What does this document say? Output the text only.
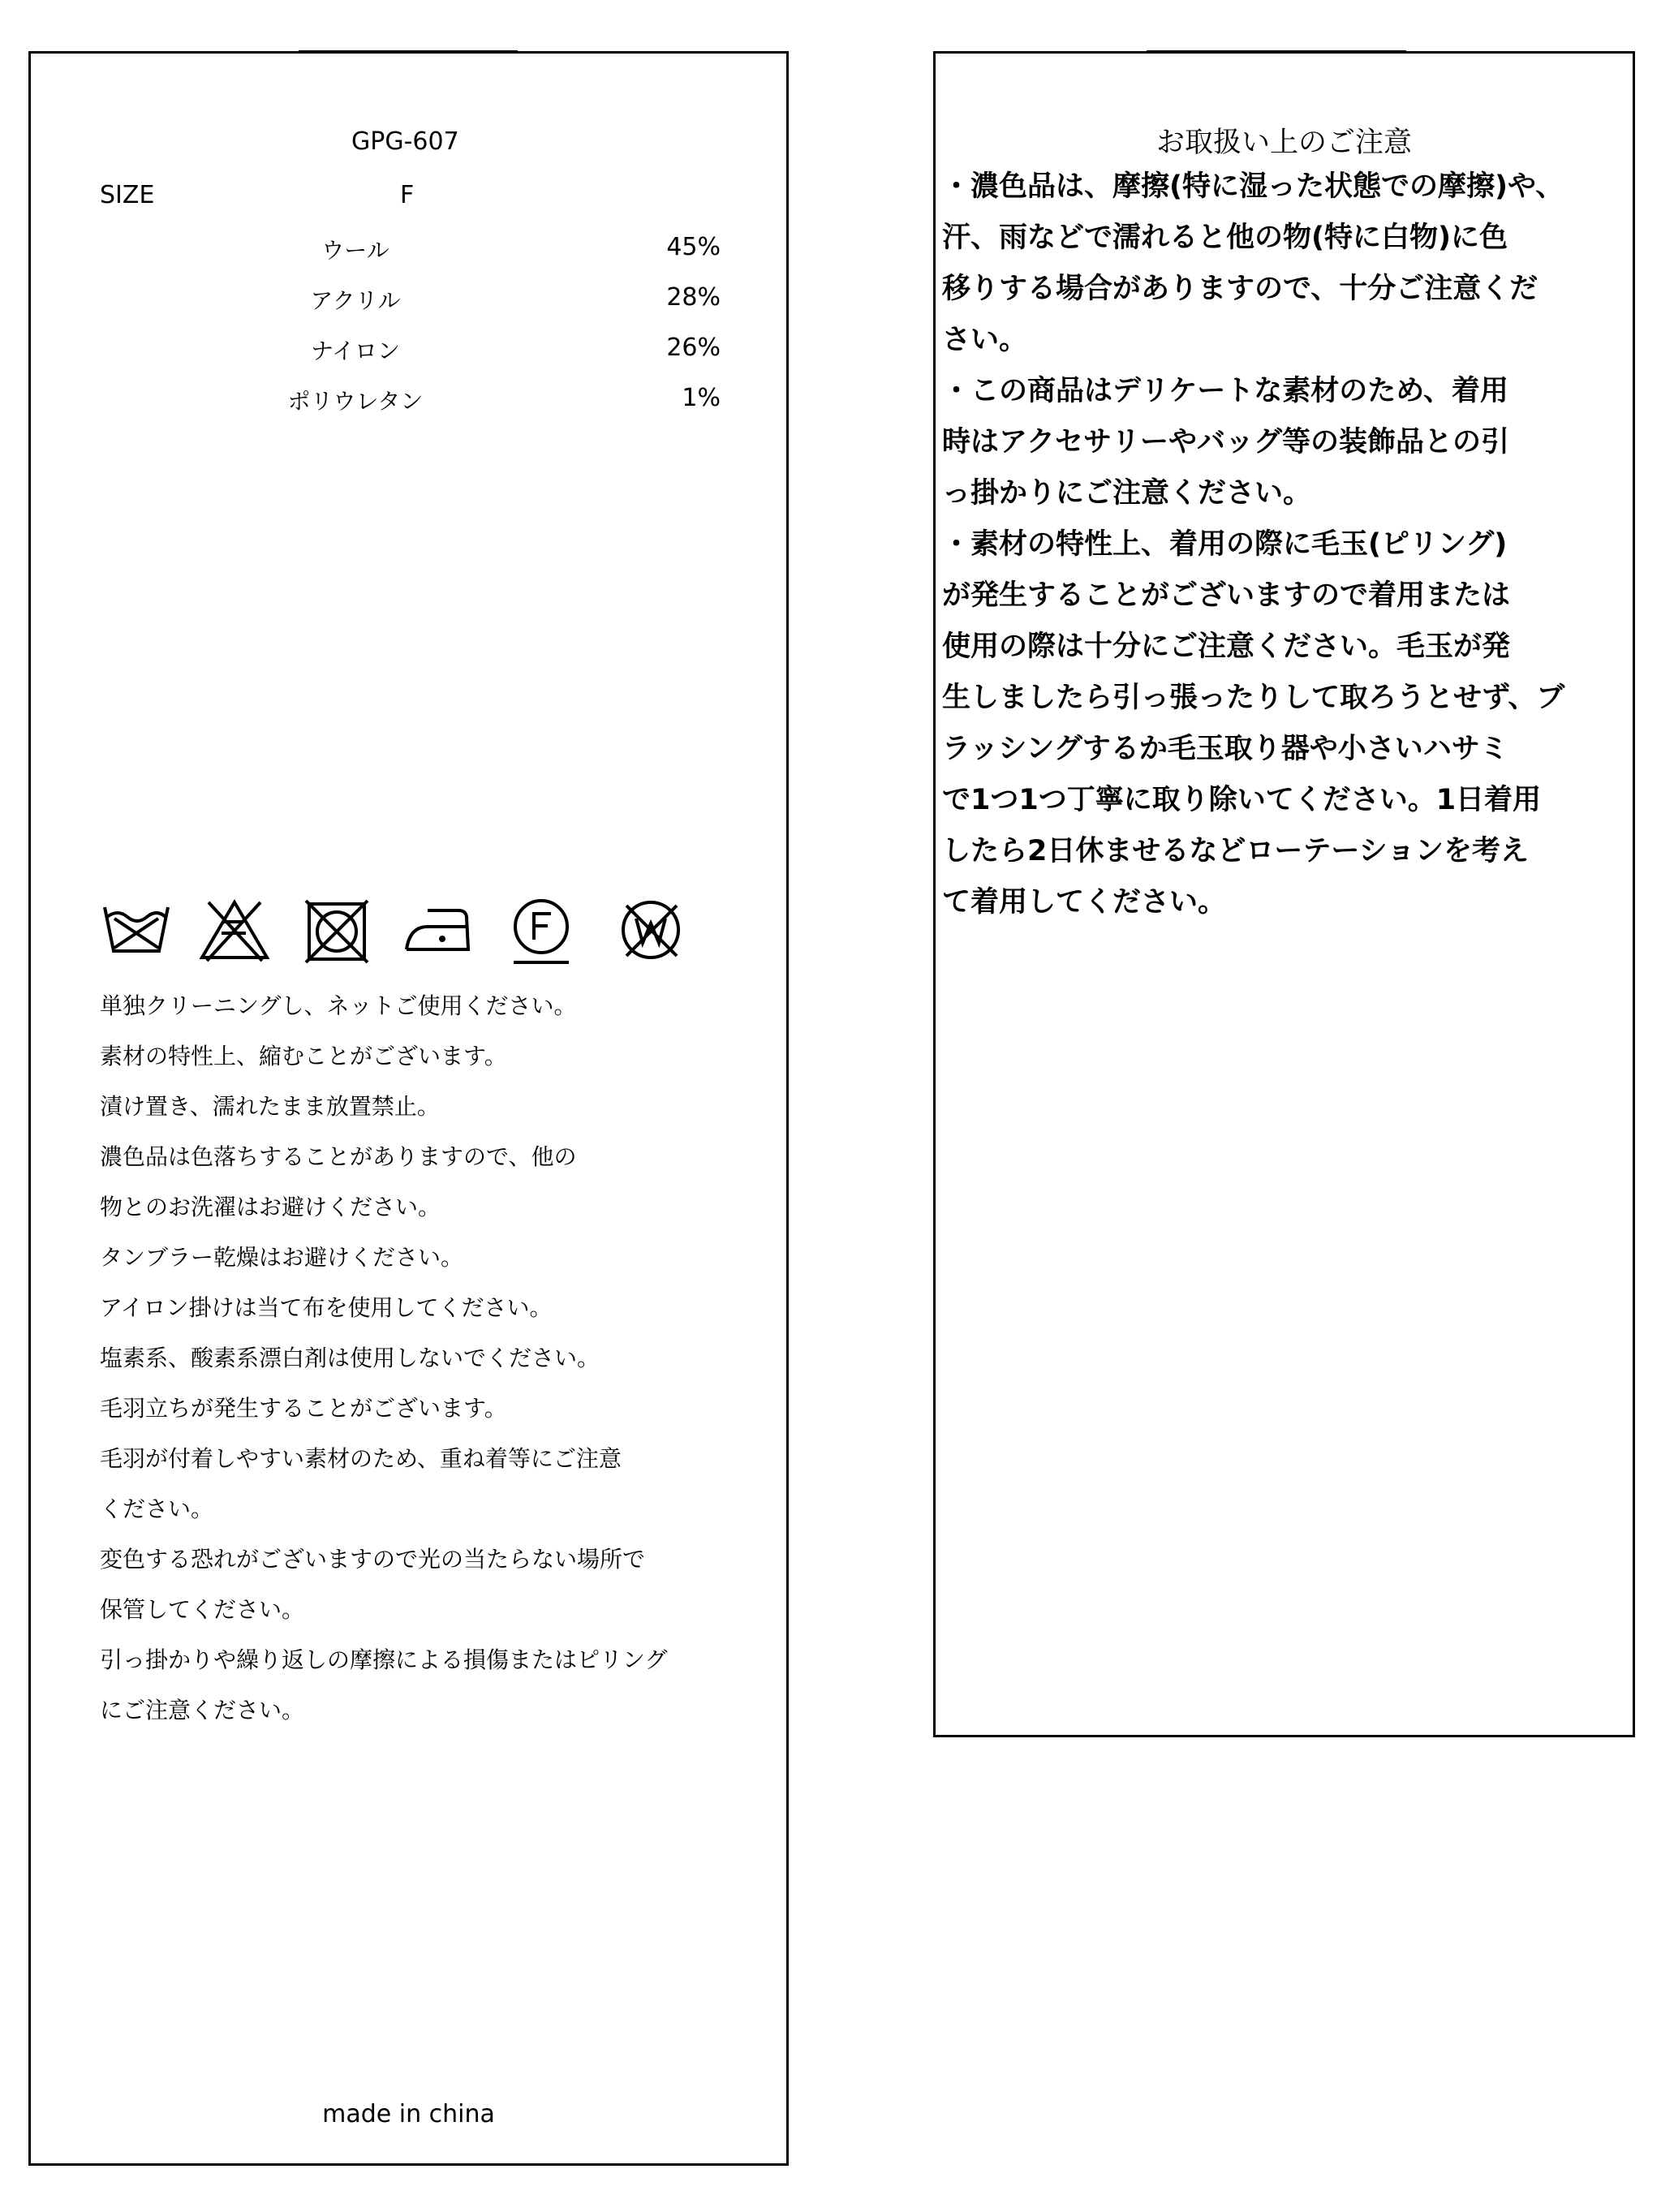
GPG-607
SIZE	F
ウール	45%
アクリル	28%
ナイロン	26%
ポリウレタン	1%
単独クリーニングし、ネットご使用ください。
素材の特性上、縮むことがございます。
漬け置き、濡れたまま放置禁止。
濃色品は色落ちすることがありますので、他の
物とのお洗濯はお避けください。
タンブラー乾燥はお避けください。
アイロン掛けは当て布を使用してください。
塩素系、酸素系漂白剤は使用しないでください。
毛羽立ちが発生することがございます。
毛羽が付着しやすい素材のため、重ね着等にご注意
ください。
変色する恐れがございますので光の当たらない場所で
保管してください。
引っ掛かりや繰り返しの摩擦による損傷またはピリング
にご注意ください。
made in china
お取扱い上のご注意
・濃色品は、摩擦(特に湿った状態での摩擦)や、
汗、雨などで濡れると他の物(特に白物)に色
移りする場合がありますので、十分ご注意くだ
さい。
・この商品はデリケートな素材のため、着用
時はアクセサリーやバッグ等の装飾品との引
っ掛かりにご注意ください。
・素材の特性上、着用の際に毛玉(ピリング)
が発生することがございますので着用または
使用の際は十分にご注意ください。毛玉が発
生しましたら引っ張ったりして取ろうとせず、ブ
ラッシングするか毛玉取り器や小さいハサミ
で1つ1つ丁寧に取り除いてください。1日着用
したら2日休ませるなどローテーションを考え
て着用してください。
